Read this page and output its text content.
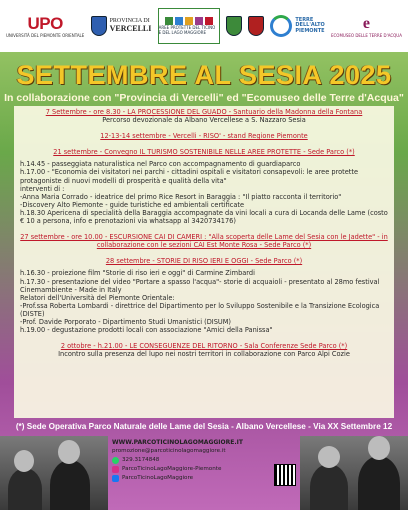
UPO
UNIVERSITÀ DEL PIEMONTE ORIENTALE
PROVINCIA DI
VERCELLI AREE PROTETTE DEL TICINO E DEL LAGO MAGGIORE
TERRE
DELL'ALTO
PIEMONTE e
ECOMUSEO DELLE TERRE D'ACQUA
SETTEMBRE AL SESIA 2025
In collaborazione con "Provincia di Vercelli" ed "Ecomuseo delle Terre d'Acqua"

7 Settembre - ore 8.30 - LA PROCESSIONE DEL GUADO - Santuario della Madonna della Fontana

Percorso devozionale da Albano Vercellese a S. Nazzaro Sesia

12-13-14 settembre - Vercelli - RISO' - stand Regione Piemonte

21 settembre - Convegno IL TURISMO SOSTENIBILE NELLE AREE PROTETTE - Sede Parco (*)

h.14.45 - passeggiata naturalistica nel Parco con accompagnamento di guardiaparco

h.17.00 - "Economia dei visitatori nei parchi - cittadini ospitali e visitatori consapevoli: le aree protette protagoniste di nuovi modelli di prosperità e qualità della vita"

interventi di :

-Anna Maria Corrado - ideatrice del primo Rice Resort in Baraggia : "Il piatto racconta il territorio"

-Discovery Alto Piemonte - guide turistiche ed ambientali certificate

h.18.30 Apericena di specialità della Baraggia accompagnate da vini locali a cura di Locanda delle Lame (costo € 10 a persona, info e prenotazioni via whatsapp al 3420734176)

27 settembre - ore 10.00 - ESCURSIONE CAI DI CAMERI : "Alla scoperta delle Lame del Sesia con le Jadette" - in collaborazione con le sezioni CAI Est Monte Rosa - Sede Parco (*)

28 settembre - STORIE DI RISO IERI E OGGI - Sede Parco (*)

h.16.30 - proiezione film "Storie di riso ieri e oggi" di Carmine Zimbardi

h.17.30 - presentazione del video "Portare a spasso l'acqua"- storie di acquaioli - presentato al 28mo festival Cinemambiente - Made in Italy

Relatori dell'Università del Piemonte Orientale:

-Prof.ssa Roberta Lombardi - direttrice del Dipartimento per lo Sviluppo Sostenibile e la Transizione Ecologica (DISTE)

-Prof. Davide Porporato - Dipartimento Studi Umanistici (DISUM)

h.19.00 - degustazione prodotti locali con associazione "Amici della Panissa"

2 ottobre - h.21.00 - LE CONSEGUENZE DEL RITORNO - Sala Conferenze Sede Parco (*)

Incontro sulla presenza del lupo nei nostri territori in collaborazione con Parco Alpi Cozie

(*) Sede Operativa Parco Naturale delle Lame del Sesia - Albano Vercellese - Via XX Settembre 12
WWW.PARCOTICINOLAGOMAGGIORE.IT
promozione@parcoticinolagomaggiore.it
329.3174848
ParcoTicinoLagoMaggiore-Piemonte
ParcoTicinoLagoMaggiore
